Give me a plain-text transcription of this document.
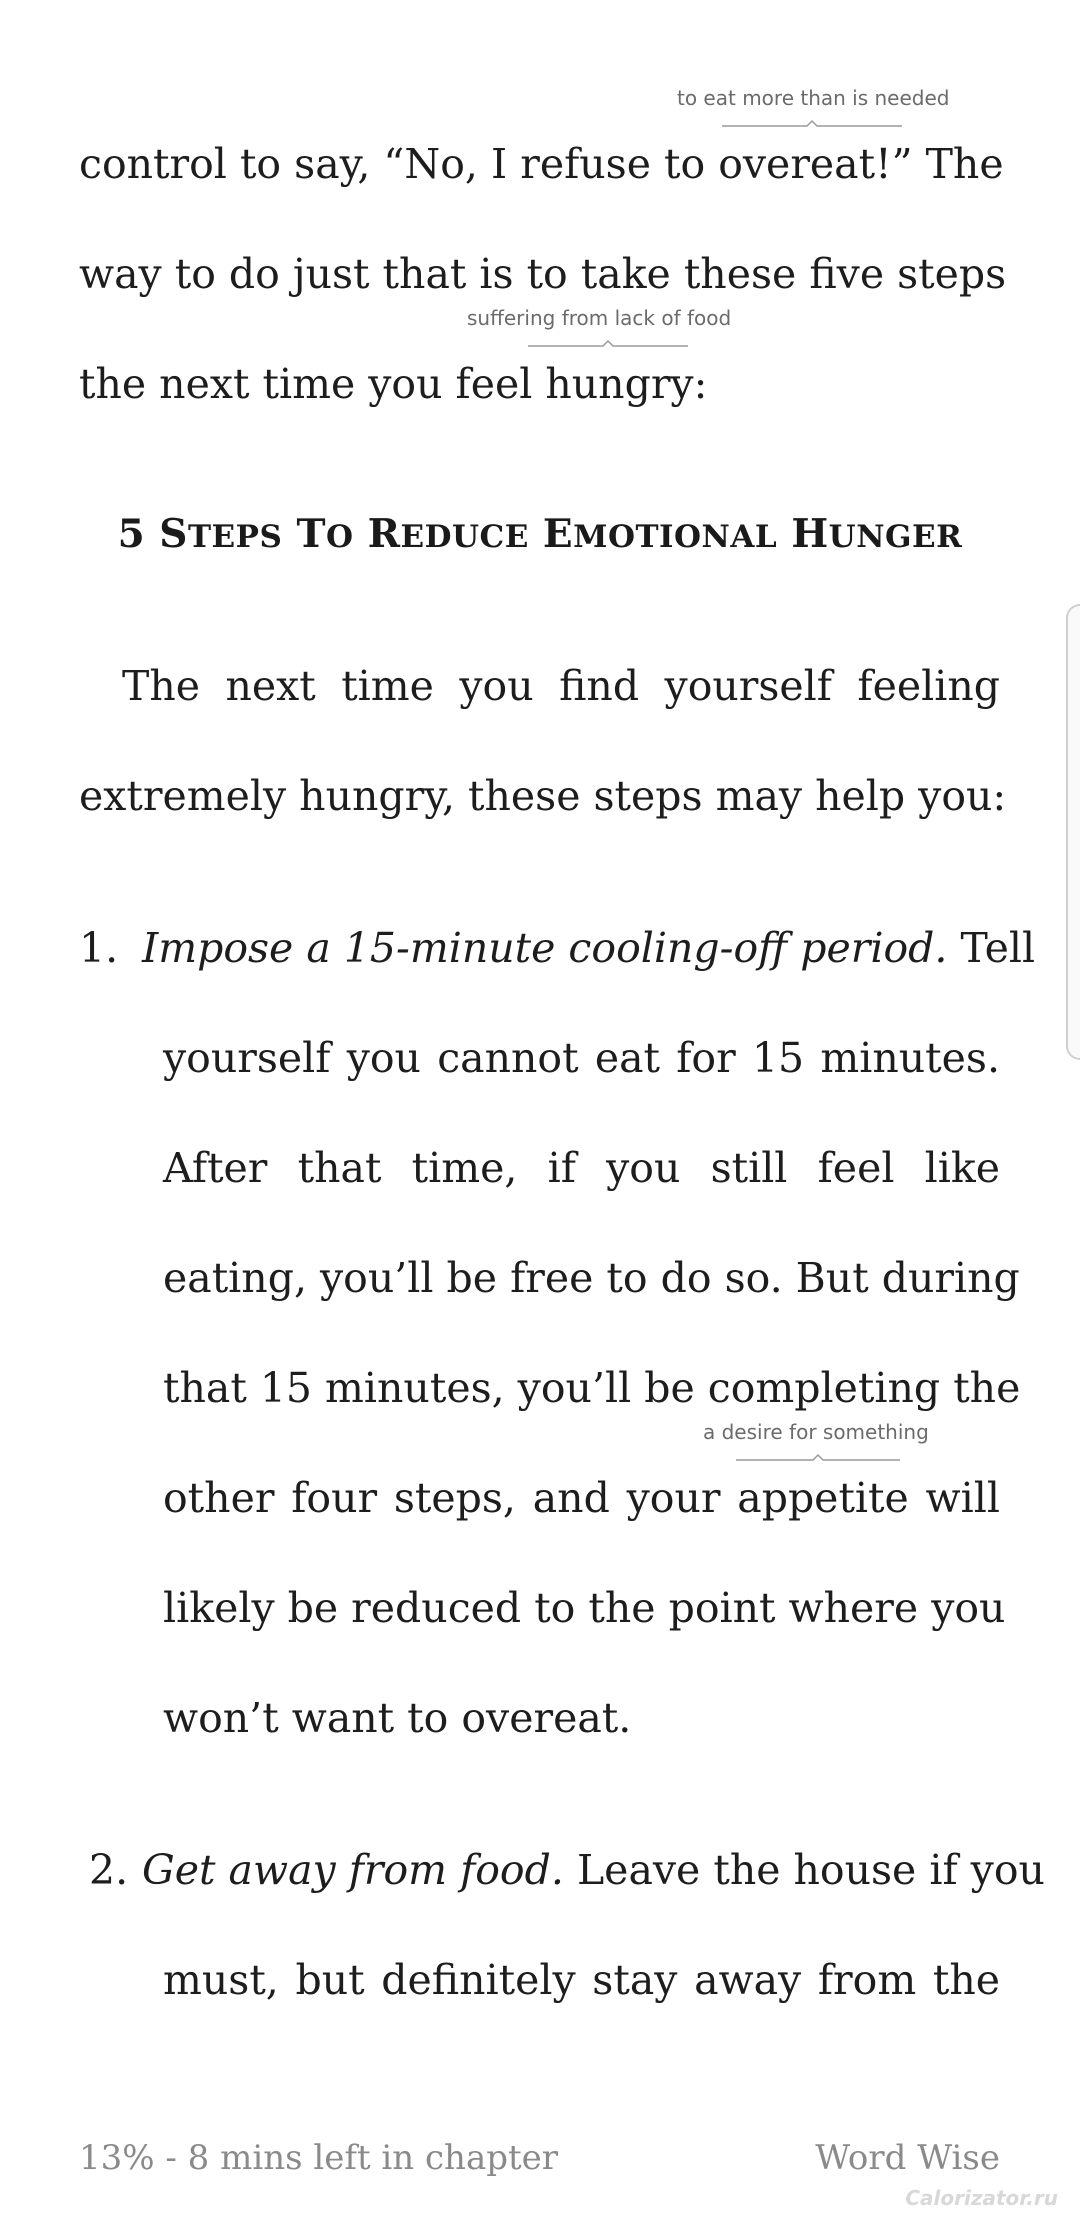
to eat more than is needed
control to say, “No, I refuse to overeat!” The
way to do just that is to take these five steps
suffering from lack of food
the next time you feel hungry:
5 STEPS TO REDUCE EMOTIONAL HUNGER
The next time you find yourself feeling
extremely hungry, these steps may help you:
1. Impose a 15-minute cooling-off period. Tell
yourself you cannot eat for 15 minutes.
After that time, if you still feel like
eating, you’ll be free to do so. But during
that 15 minutes, you’ll be completing the
a desire for something
other four steps, and your appetite will
likely be reduced to the point where you
won’t want to overeat.
2. Get away from food. Leave the house if you
must, but definitely stay away from the
13% - 8 mins left in chapter	Word Wise
Calorizator.ru
